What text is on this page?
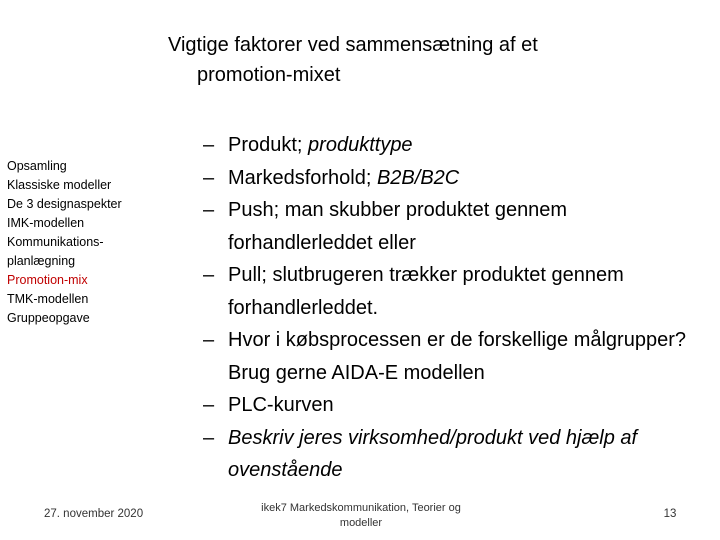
Vigtige faktorer ved sammensætning af et
promotion-mixet
Opsamling
Klassiske modeller
De 3 designaspekter
IMK-modellen
Kommunikations-
planlægning
Promotion-mix
TMK-modellen
Gruppeopgave
– Produkt; produkttype
– Markedsforhold; B2B/B2C
– Push; man skubber produktet gennem forhandlerleddet eller
– Pull; slutbrugeren trækker produktet gennem forhandlerleddet.
– Hvor i købsprocessen er de forskellige målgrupper? Brug gerne AIDA-E modellen
– PLC-kurven
– Beskriv jeres virksomhed/produkt ved hjælp af ovenstående
27. november 2020	ikek7 Markedskommunikation, Teorier og modeller
13
